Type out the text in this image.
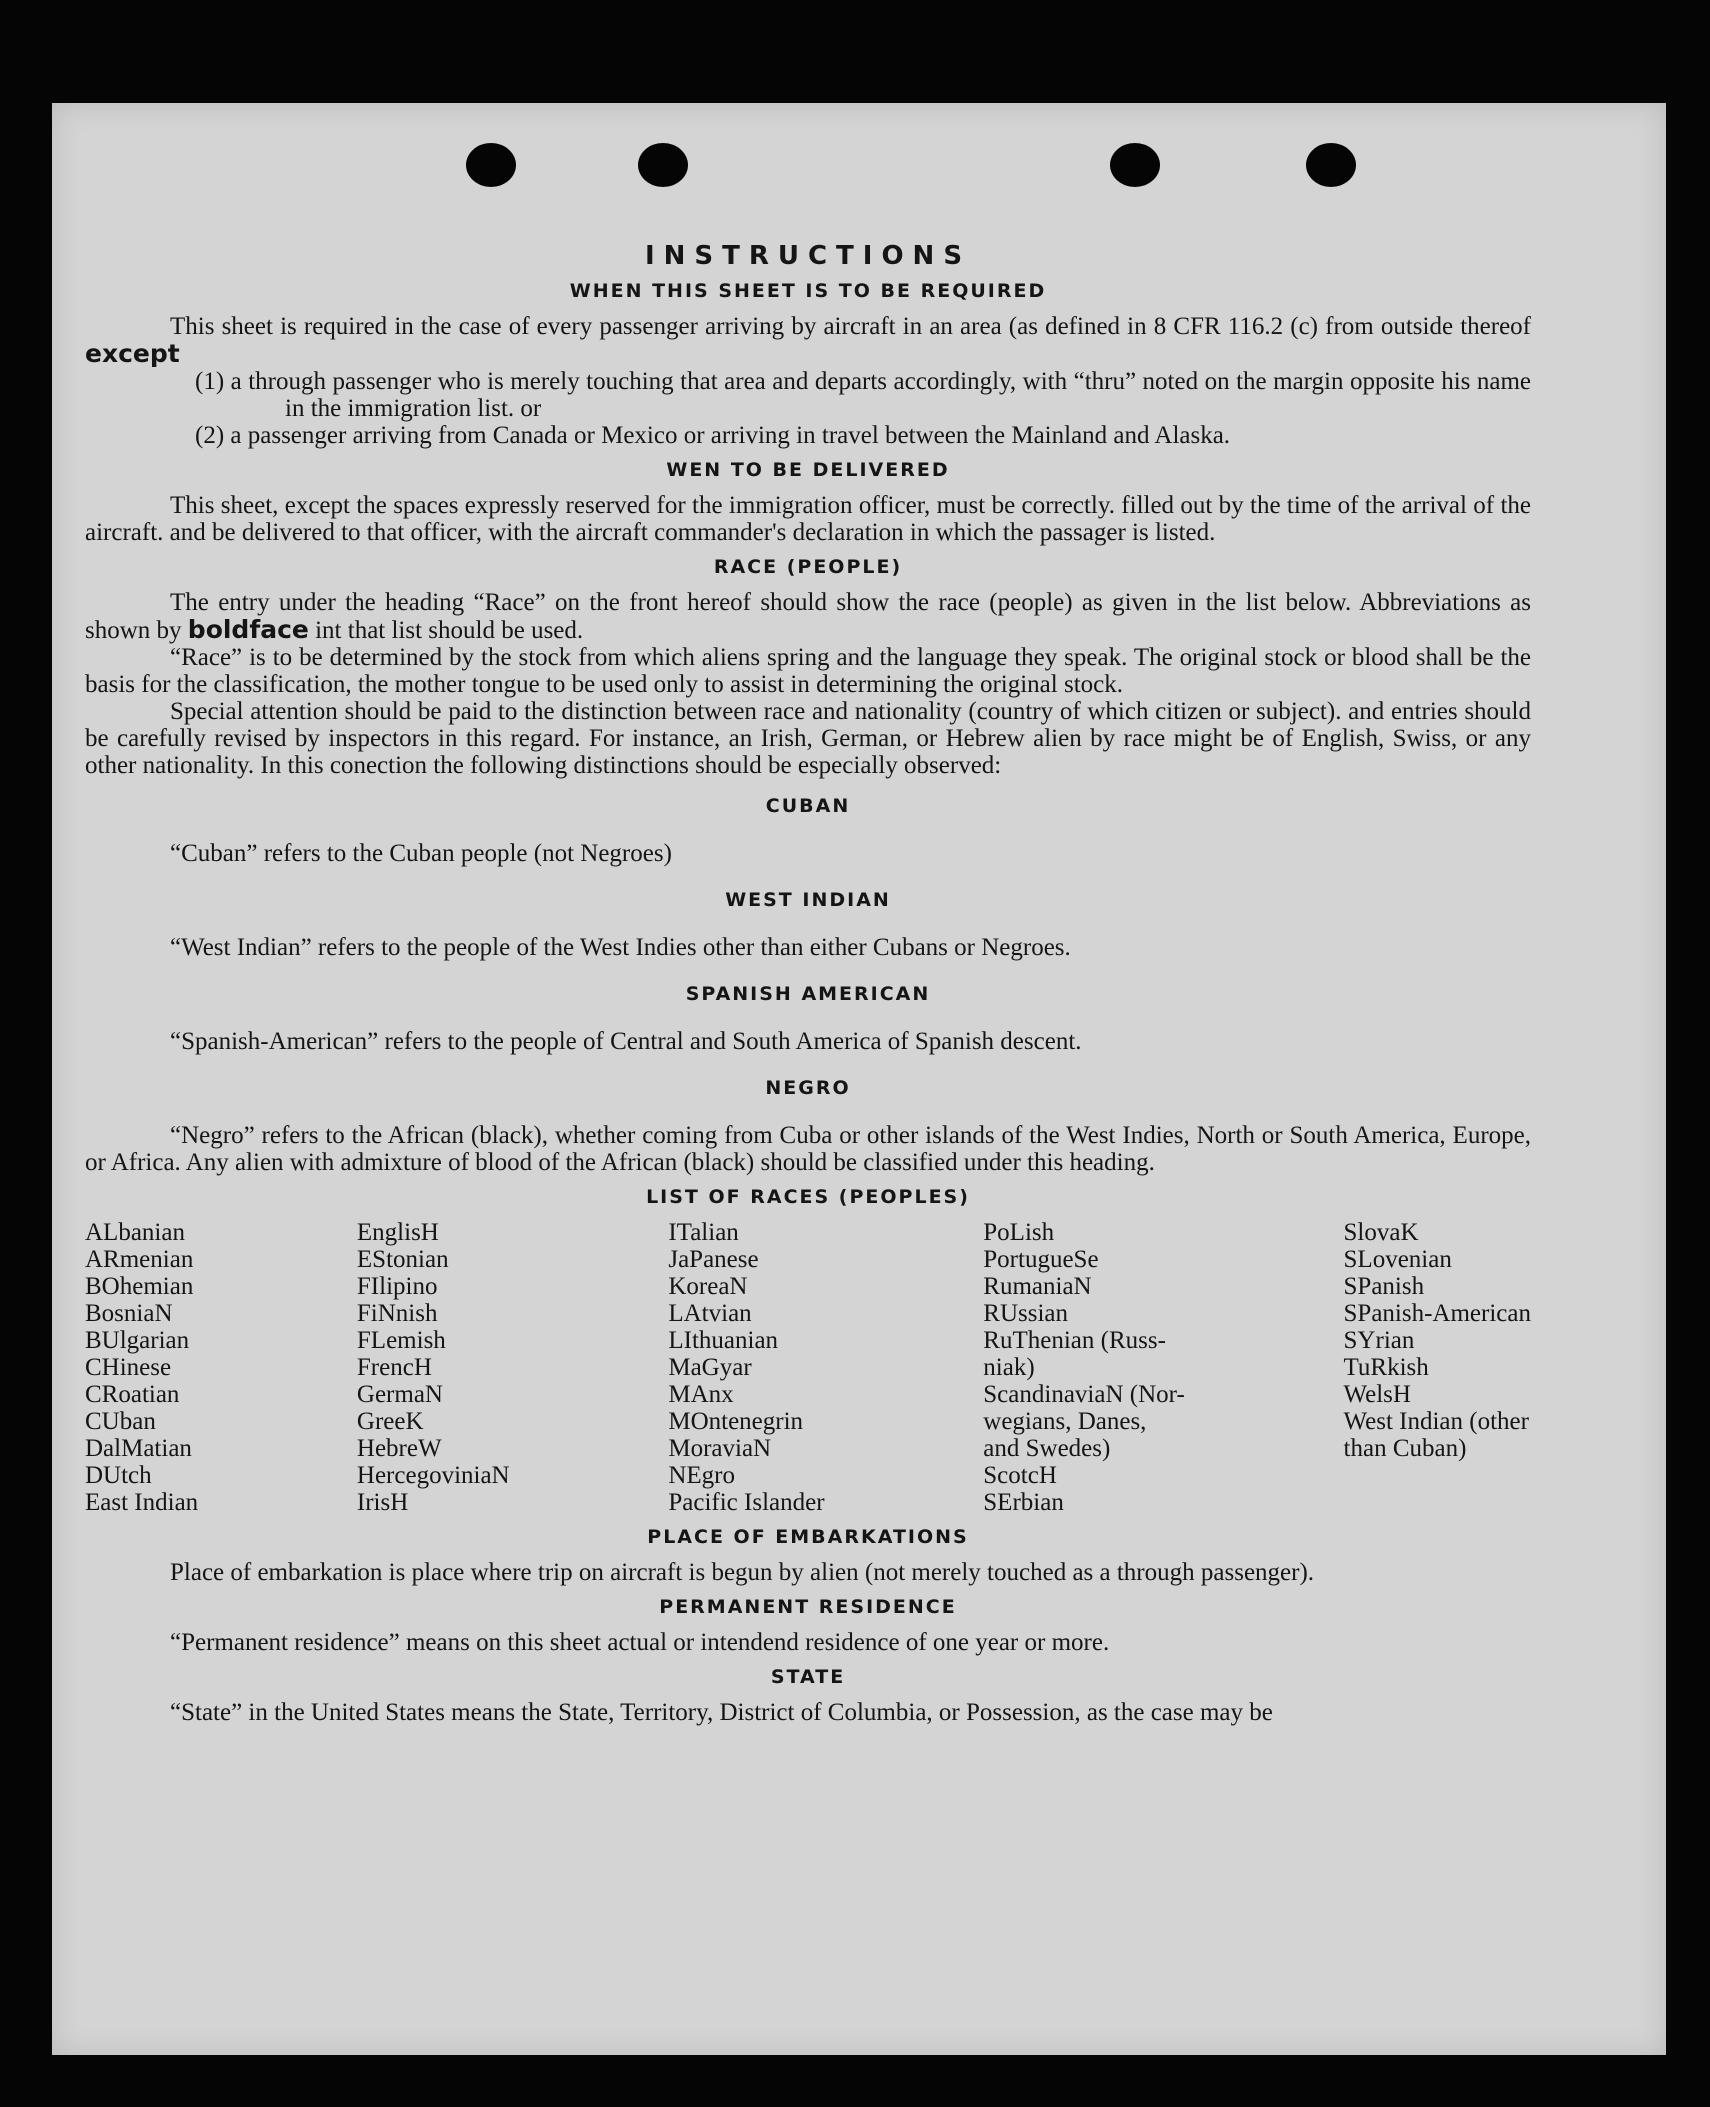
INSTRUCTIONS
WHEN THIS SHEET IS TO BE REQUIRED

This sheet is required in the case of every passenger arriving by aircraft in an area (as defined in 8 CFR 116.2 (c) from outside thereof except

(1) a through passenger who is merely touching that area and departs accordingly, with “thru” noted on the margin opposite his name in the immigration list. or

(2) a passenger arriving from Canada or Mexico or arriving in travel between the Mainland and Alaska.

WEN TO BE DELIVERED

This sheet, except the spaces expressly reserved for the immigration officer, must be correctly. filled out by the time of the arrival of the aircraft. and be delivered to that officer, with the aircraft commander's declaration in which the passager is listed.

RACE (PEOPLE)

The entry under the heading “Race” on the front hereof should show the race (people) as given in the list below. Abbreviations as shown by boldface int that list should be used.

“Race” is to be determined by the stock from which aliens spring and the language they speak. The original stock or blood shall be the basis for the classification, the mother tongue to be used only to assist in determining the original stock.

Special attention should be paid to the distinction between race and nationality (country of which citizen or subject). and entries should be carefully revised by inspectors in this regard. For instance, an Irish, German, or Hebrew alien by race might be of English, Swiss, or any other nationality. In this conection the following distinctions should be especially observed:

CUBAN

“Cuban” refers to the Cuban people (not Negroes)

WEST INDIAN

“West Indian” refers to the people of the West Indies other than either Cubans or Negroes.

SPANISH AMERICAN

“Spanish-American” refers to the people of Central and South America of Spanish descent.

NEGRO

“Negro” refers to the African (black), whether coming from Cuba or other islands of the West Indies, North or South America, Europe, or Africa. Any alien with admixture of blood of the African (black) should be classified under this heading.

LIST OF RACES (PEOPLES)
ALbanian
ARmenian
BOhemian
BosniaN
BUlgarian
CHinese
CRoatian
CUban
DalMatian
DUtch
East Indian
EnglisH
EStonian
FIlipino
FiNnish
FLemish
FrencH
GermaN
GreeK
HebreW
HercegoviniaN
IrisH
ITalian
JaPanese
KoreaN
LAtvian
LIthuanian
MaGyar
MAnx
MOntenegrin
MoraviaN
NEgro
Pacific Islander
PoLish
PortugueSe
RumaniaN
RUssian
RuThenian (Russ-
niak)
ScandinaviaN (Nor-
wegians, Danes,
and Swedes)
ScotcH
SErbian
SlovaK
SLovenian
SPanish
SPanish-American
SYrian
TuRkish
WelsH
West Indian (other
than Cuban)
PLACE OF EMBARKATIONS

Place of embarkation is place where trip on aircraft is begun by alien (not merely touched as a through passenger).

PERMANENT RESIDENCE

“Permanent residence” means on this sheet actual or intendend residence of one year or more.

STATE

“State” in the United States means the State, Territory, District of Columbia, or Possession, as the case may be
